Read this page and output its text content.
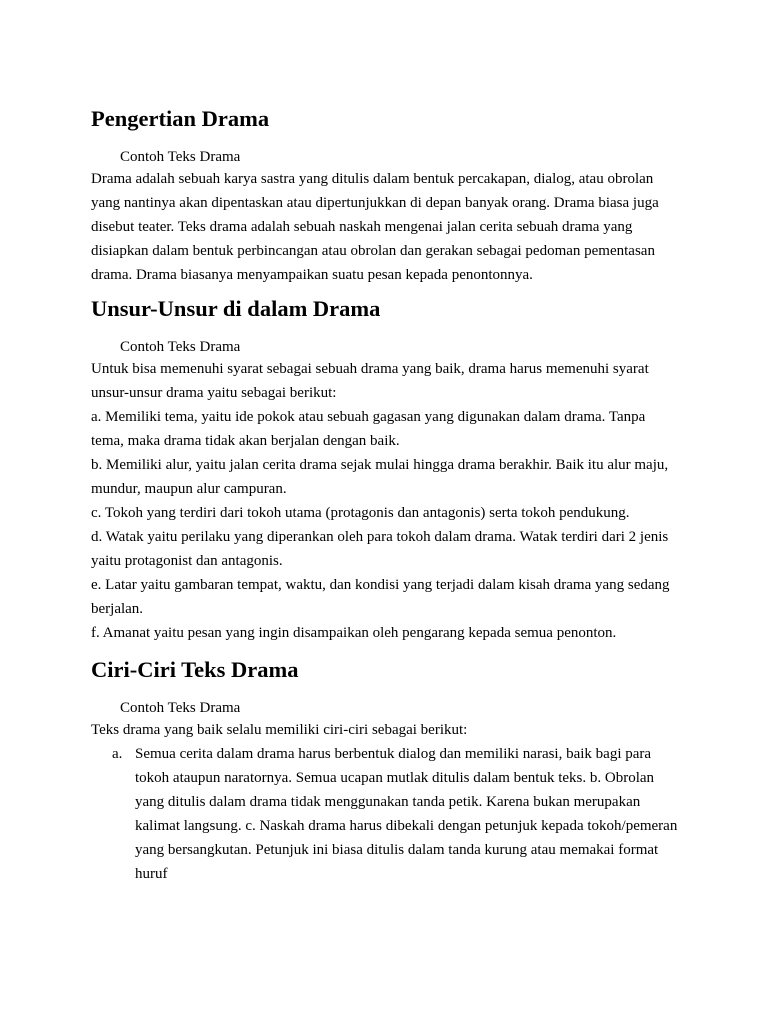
Pengertian Drama
Contoh Teks Drama

Drama adalah sebuah karya sastra yang ditulis dalam bentuk percakapan, dialog, atau obrolan yang nantinya akan dipentaskan atau dipertunjukkan di depan banyak orang. Drama biasa juga disebut teater. Teks drama adalah sebuah naskah mengenai jalan cerita sebuah drama yang disiapkan dalam bentuk perbincangan atau obrolan dan gerakan sebagai pedoman pementasan drama. Drama biasanya menyampaikan suatu pesan kepada penontonnya.

Unsur-Unsur di dalam Drama
Contoh Teks Drama

Untuk bisa memenuhi syarat sebagai sebuah drama yang baik, drama harus memenuhi syarat unsur-unsur drama yaitu sebagai berikut:

a. Memiliki tema, yaitu ide pokok atau sebuah gagasan yang digunakan dalam drama. Tanpa tema, maka drama tidak akan berjalan dengan baik.

b. Memiliki alur, yaitu jalan cerita drama sejak mulai hingga drama berakhir. Baik itu alur maju, mundur, maupun alur campuran.

c. Tokoh yang terdiri dari tokoh utama (protagonis dan antagonis) serta tokoh pendukung.

d. Watak yaitu perilaku yang diperankan oleh para tokoh dalam drama. Watak terdiri dari 2 jenis yaitu protagonist dan antagonis.

e. Latar yaitu gambaran tempat, waktu, dan kondisi yang terjadi dalam kisah drama yang sedang berjalan.

f. Amanat yaitu pesan yang ingin disampaikan oleh pengarang kepada semua penonton.

Ciri-Ciri Teks Drama
Contoh Teks Drama

Teks drama yang baik selalu memiliki ciri-ciri sebagai berikut:

a. Semua cerita dalam drama harus berbentuk dialog dan memiliki narasi, baik bagi para tokoh ataupun naratornya. Semua ucapan mutlak ditulis dalam bentuk teks. b. Obrolan yang ditulis dalam drama tidak menggunakan tanda petik. Karena bukan merupakan kalimat langsung. c. Naskah drama harus dibekali dengan petunjuk kepada tokoh/pemeran yang bersangkutan. Petunjuk ini biasa ditulis dalam tanda kurung atau memakai format huruf
